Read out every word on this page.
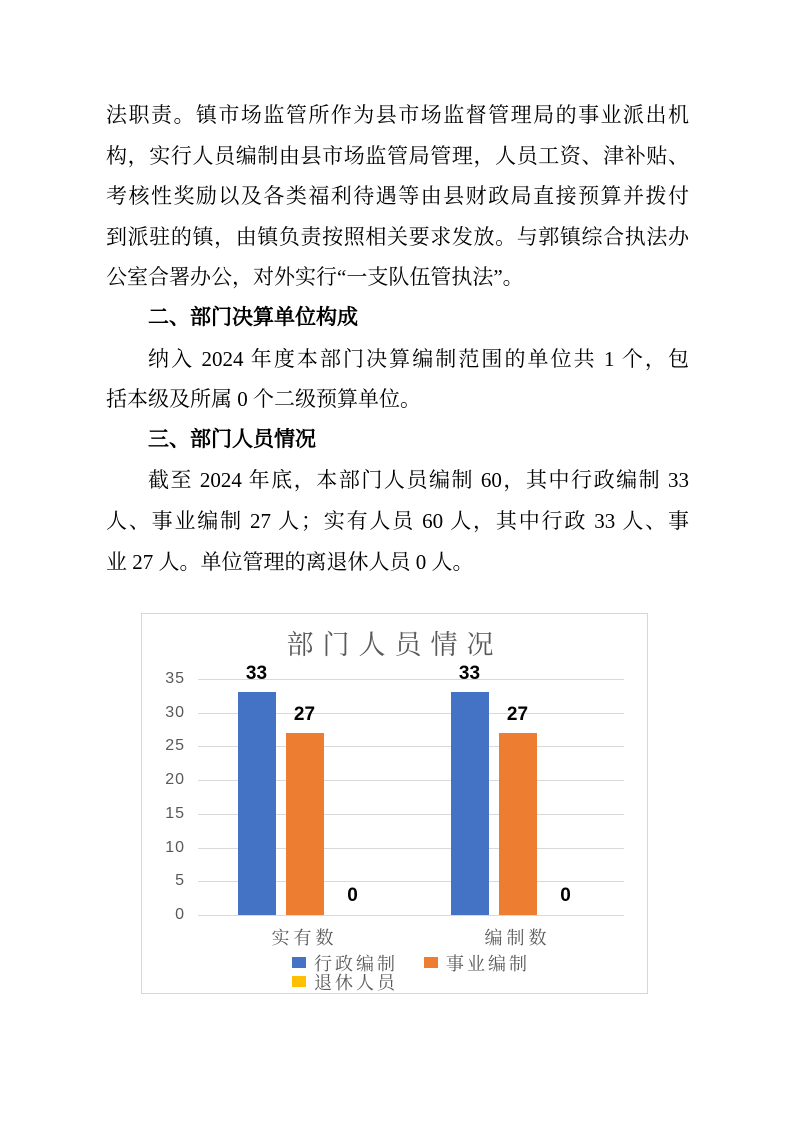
法职责。镇市场监管所作为县市场监督管理局的事业派出机
构，实行人员编制由县市场监管局管理，人员工资、津补贴、
考核性奖励以及各类福利待遇等由县财政局直接预算并拨付
到派驻的镇，由镇负责按照相关要求发放。与郭镇综合执法办
公室合署办公，对外实行“一支队伍管执法”。
二、部门决算单位构成
纳入 2024 年度本部门决算编制范围的单位共 1 个，包
括本级及所属 0 个二级预算单位。
三、部门人员情况
截至 2024 年底，本部门人员编制 60，其中行政编制 33
人、事业编制 27 人；实有人员 60 人，其中行政 33 人、事
业 27 人。单位管理的离退休人员 0 人。
部门人员情况
0
5
10
15
20
25
30
35	33
27
0
实有数
33
27
0
编制数
行政编制	事业编制
退休人员
